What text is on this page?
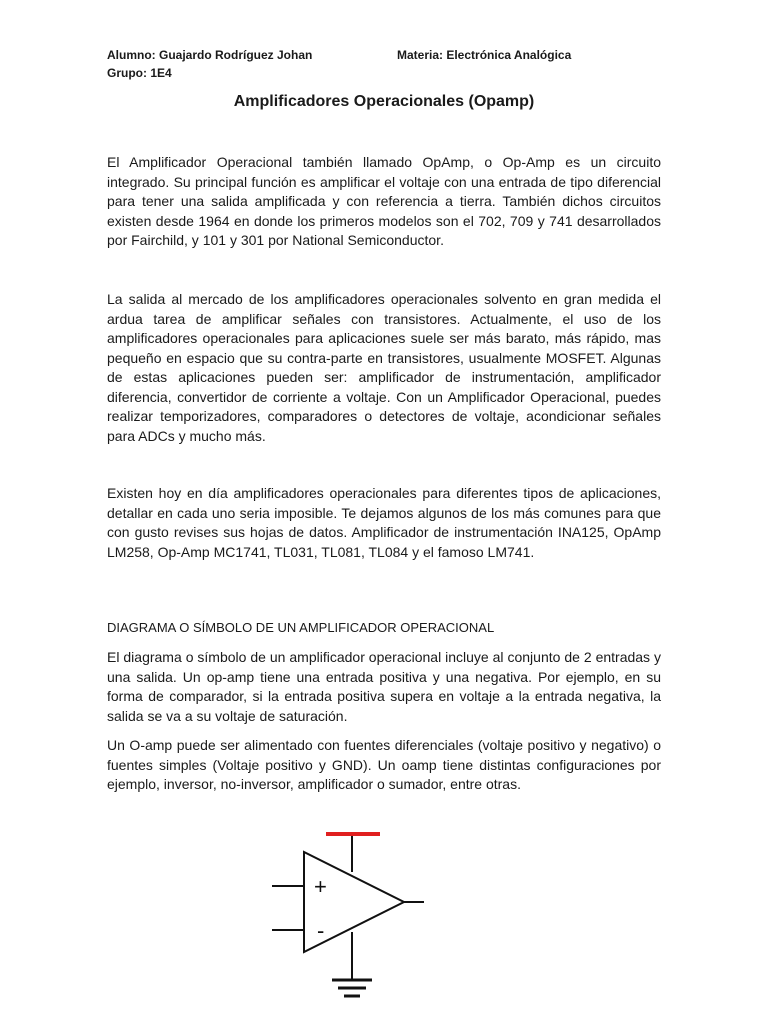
Alumno: Guajardo Rodríguez Johan	Materia: Electrónica Analógica
Grupo: 1E4
Amplificadores Operacionales (Opamp)

El Amplificador Operacional también llamado OpAmp, o Op-Amp es un circuito integrado. Su principal función es amplificar el voltaje con una entrada de tipo diferencial para tener una salida amplificada y con referencia a tierra. También dichos circuitos existen desde 1964 en donde los primeros modelos son el 702, 709 y 741 desarrollados por Fairchild, y 101 y 301 por National Semiconductor.

La salida al mercado de los amplificadores operacionales solvento en gran medida el ardua tarea de amplificar señales con transistores. Actualmente, el uso de los amplificadores operacionales para aplicaciones suele ser más barato, más rápido, mas pequeño en espacio que su contra-parte en transistores, usualmente MOSFET. Algunas de estas aplicaciones pueden ser: amplificador de instrumentación, amplificador diferencia, convertidor de corriente a voltaje. Con un Amplificador Operacional, puedes realizar temporizadores, comparadores o detectores de voltaje, acondicionar señales para ADCs y mucho más.

Existen hoy en día amplificadores operacionales para diferentes tipos de aplicaciones, detallar en cada uno seria imposible. Te dejamos algunos de los más comunes para que con gusto revises sus hojas de datos. Amplificador de instrumentación INA125, OpAmp LM258, Op-Amp MC1741, TL031, TL081, TL084 y el famoso LM741.

DIAGRAMA O SÍMBOLO DE UN AMPLIFICADOR OPERACIONAL

El diagrama o símbolo de un amplificador operacional incluye al conjunto de 2 entradas y una salida. Un op-amp tiene una entrada positiva y una negativa. Por ejemplo, en su forma de comparador, si la entrada positiva supera en voltaje a la entrada negativa, la salida se va a su voltaje de saturación.

Un O-amp puede ser alimentado con fuentes diferenciales (voltaje positivo y negativo) o fuentes simples (Voltaje positivo y GND). Un oamp tiene distintas configuraciones por ejemplo, inversor, no-inversor, amplificador o sumador, entre otras.

+
-
